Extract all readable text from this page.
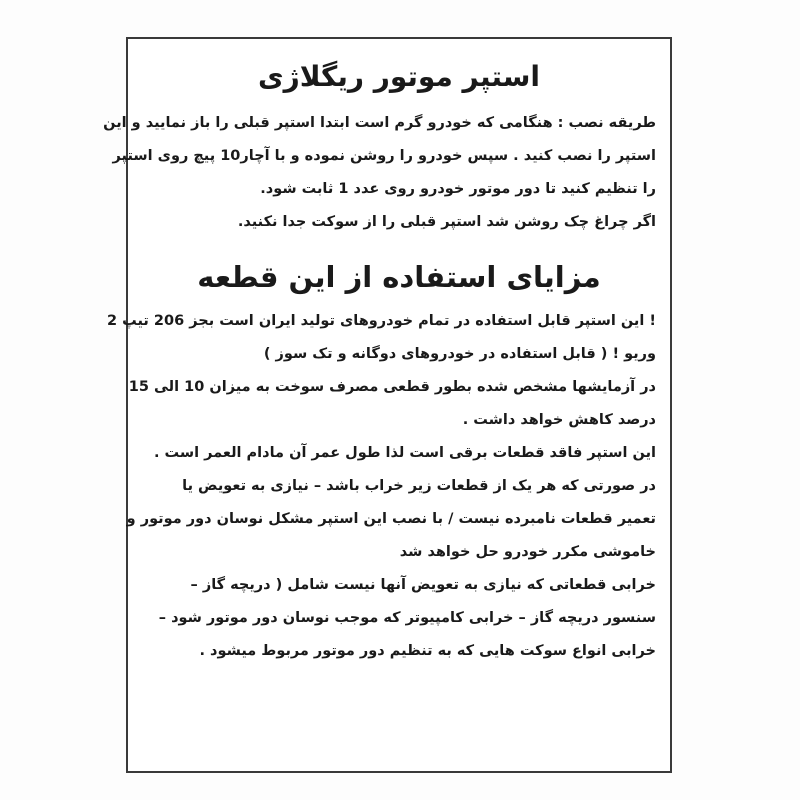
استپر موتور ریگلاژی
طریقه نصب : هنگامی که خودرو گرم است ابتدا استپر قبلی را باز نمایید و این
استپر را نصب کنید . سپس خودرو را روشن نموده و با آچار10 پیچ روی استپر
را تنظیم کنید تا دور موتور خودرو روی عدد 1 ثابت شود.
اگر چراغ چک روشن شد استپر قبلی را از سوکت جدا نکنید.
مزایای استفاده از این قطعه
! این استپر قابل استفاده در تمام خودروهای تولید ایران است بجز 206 تیپ 2
وریو ! ( قابل استفاده در خودروهای دوگانه و تک سوز )
در آزمایشها مشخص شده بطور قطعی مصرف سوخت به میزان 10 الی 15
درصد کاهش خواهد داشت .
این استپر فاقد قطعات برقی است لذا طول عمر آن مادام العمر است .
در صورتی که هر یک از قطعات زیر خراب باشد – نیازی به تعویض یا
تعمیر قطعات نامبرده نیست / با نصب این استپر مشکل نوسان دور موتور و
خاموشی مکرر خودرو حل خواهد شد
خرابی قطعاتی که نیازی به تعویض آنها نیست شامل ( دریچه گاز –
سنسور دریچه گاز – خرابی کامپیوتر که موجب نوسان دور موتور شود –
خرابی انواع سوکت هایی که به تنظیم دور موتور مربوط میشود .
